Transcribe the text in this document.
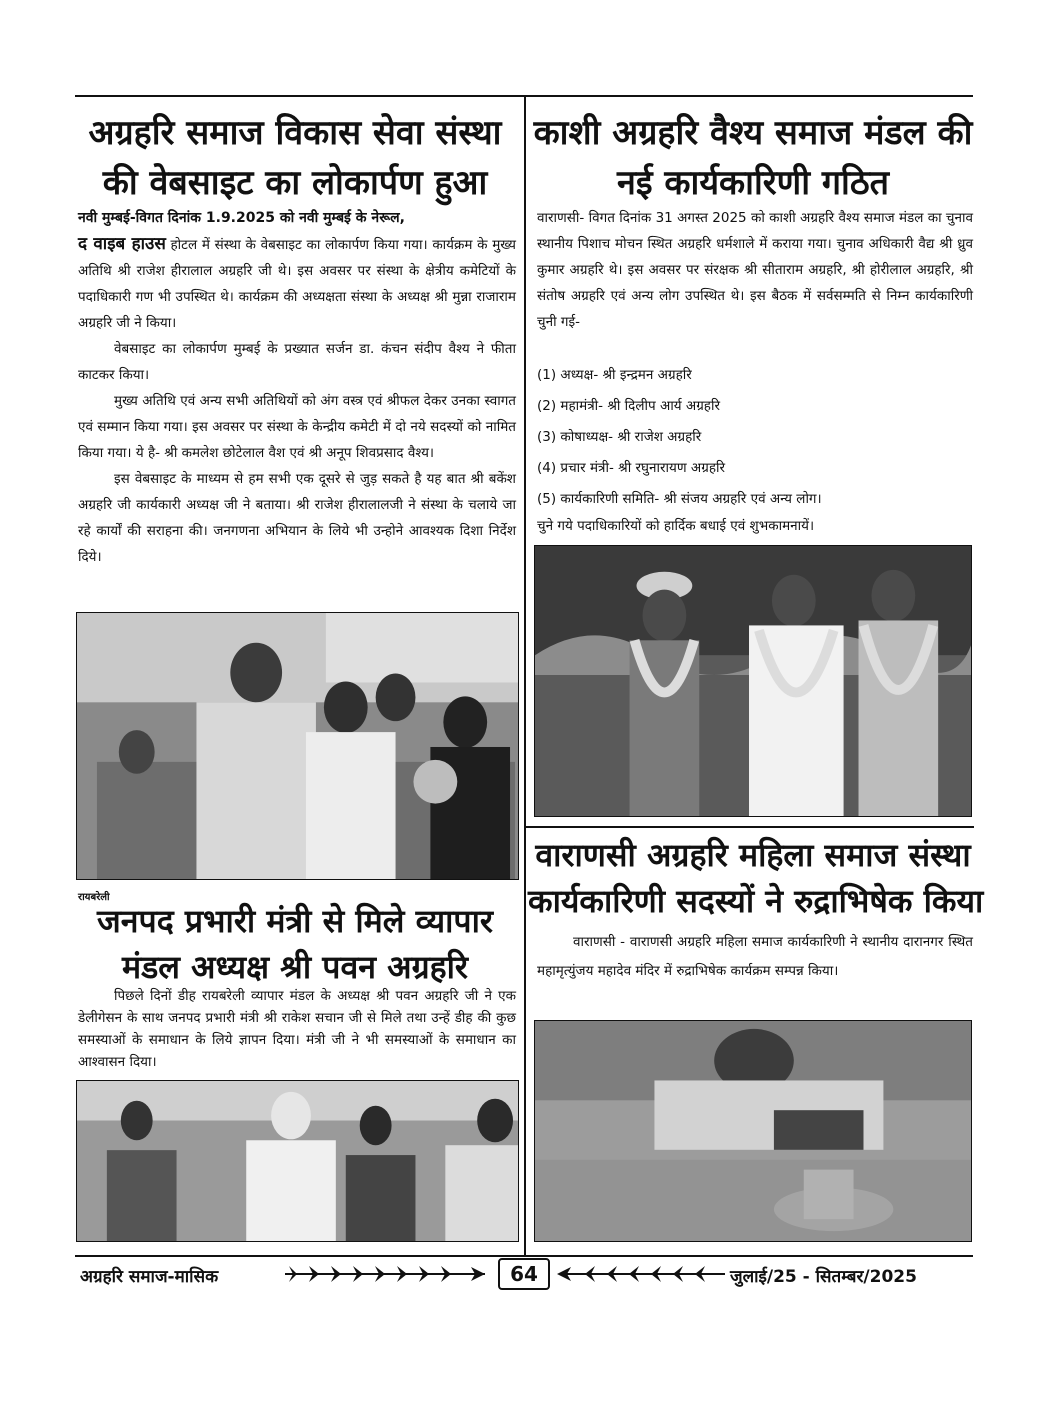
अग्रहरि समाज विकास सेवा संस्था
की वेबसाइट का लोकार्पण हुआ

नवी मुम्बई-विगत दिनांक 1.9.2025 को नवी मुम्बई के नेरूल,

द वाइब हाउस होटल में संस्था के वेबसाइट का लोकार्पण किया गया। कार्यक्रम के मुख्य अतिथि श्री राजेश हीरालाल अग्रहरि जी थे। इस अवसर पर संस्था के क्षेत्रीय कमेटियों के पदाधिकारी गण भी उपस्थित थे। कार्यक्रम की अध्यक्षता संस्था के अध्यक्ष श्री मुन्ना राजाराम अग्रहरि जी ने किया।

वेबसाइट का लोकार्पण मुम्बई के प्रख्यात सर्जन डा. कंचन संदीप वैश्य ने फीता काटकर किया।

मुख्य अतिथि एवं अन्य सभी अतिथियों को अंग वस्त्र एवं श्रीफल देकर उनका स्वागत एवं सम्मान किया गया। इस अवसर पर संस्था के केन्द्रीय कमेटी में दो नये सदस्यों को नामित किया गया। ये है- श्री कमलेश छोटेलाल वैश एवं श्री अनूप शिवप्रसाद वैश्य।

इस वेबसाइट के माध्यम से हम सभी एक दूसरे से जुड़ सकते है यह बात श्री बकेंश अग्रहरि जी कार्यकारी अध्यक्ष जी ने बताया। श्री राजेश हीरालालजी ने संस्था के चलाये जा रहे कार्यों की सराहना की। जनगणना अभियान के लिये भी उन्होने आवश्यक दिशा निर्देश दिये।

रायबरेली
जनपद प्रभारी मंत्री से मिले व्यापार
मंडल अध्यक्ष श्री पवन अग्रहरि

पिछले दिनों डीह रायबरेली व्यापार मंडल के अध्यक्ष श्री पवन अग्रहरि जी ने एक डेलीगेसन के साथ जनपद प्रभारी मंत्री श्री राकेश सचान जी से मिले तथा उन्हें डीह की कुछ समस्याओं के समाधान के लिये ज्ञापन दिया। मंत्री जी ने भी समस्याओं के समाधान का आश्वासन दिया।

काशी अग्रहरि वैश्य समाज मंडल की
नई कार्यकारिणी गठित

वाराणसी- विगत दिनांक 31 अगस्त 2025 को काशी अग्रहरि वैश्य समाज मंडल का चुनाव स्थानीय पिशाच मोचन स्थित अग्रहरि धर्मशाले में कराया गया। चुनाव अधिकारी वैद्य श्री ध्रुव कुमार अग्रहरि थे। इस अवसर पर संरक्षक श्री सीताराम अग्रहरि, श्री होरीलाल अग्रहरि, श्री संतोष अग्रहरि एवं अन्य लोग उपस्थित थे। इस बैठक में सर्वसम्मति से निम्न कार्यकारिणी चुनी गई-

(1) अध्यक्ष- श्री इन्द्रमन अग्रहरि
(2) महामंत्री- श्री दिलीप आर्य अग्रहरि
(3) कोषाध्यक्ष- श्री राजेश अग्रहरि
(4) प्रचार मंत्री- श्री रघुनारायण अग्रहरि
(5) कार्यकारिणी समिति- श्री संजय अग्रहरि एवं अन्य लोग।

चुने गये पदाधिकारियों को हार्दिक बधाई एवं शुभकामनायें।

वाराणसी अग्रहरि महिला समाज संस्था
कार्यकारिणी सदस्यों ने रुद्राभिषेक किया

वाराणसी - वाराणसी अग्रहरि महिला समाज कार्यकारिणी ने स्थानीय दारानगर स्थित महामृत्युंजय महादेव मंदिर में रुद्राभिषेक कार्यक्रम सम्पन्न किया।

अग्रहरि समाज-मासिक	64	जुलाई/25 - सितम्बर/2025
